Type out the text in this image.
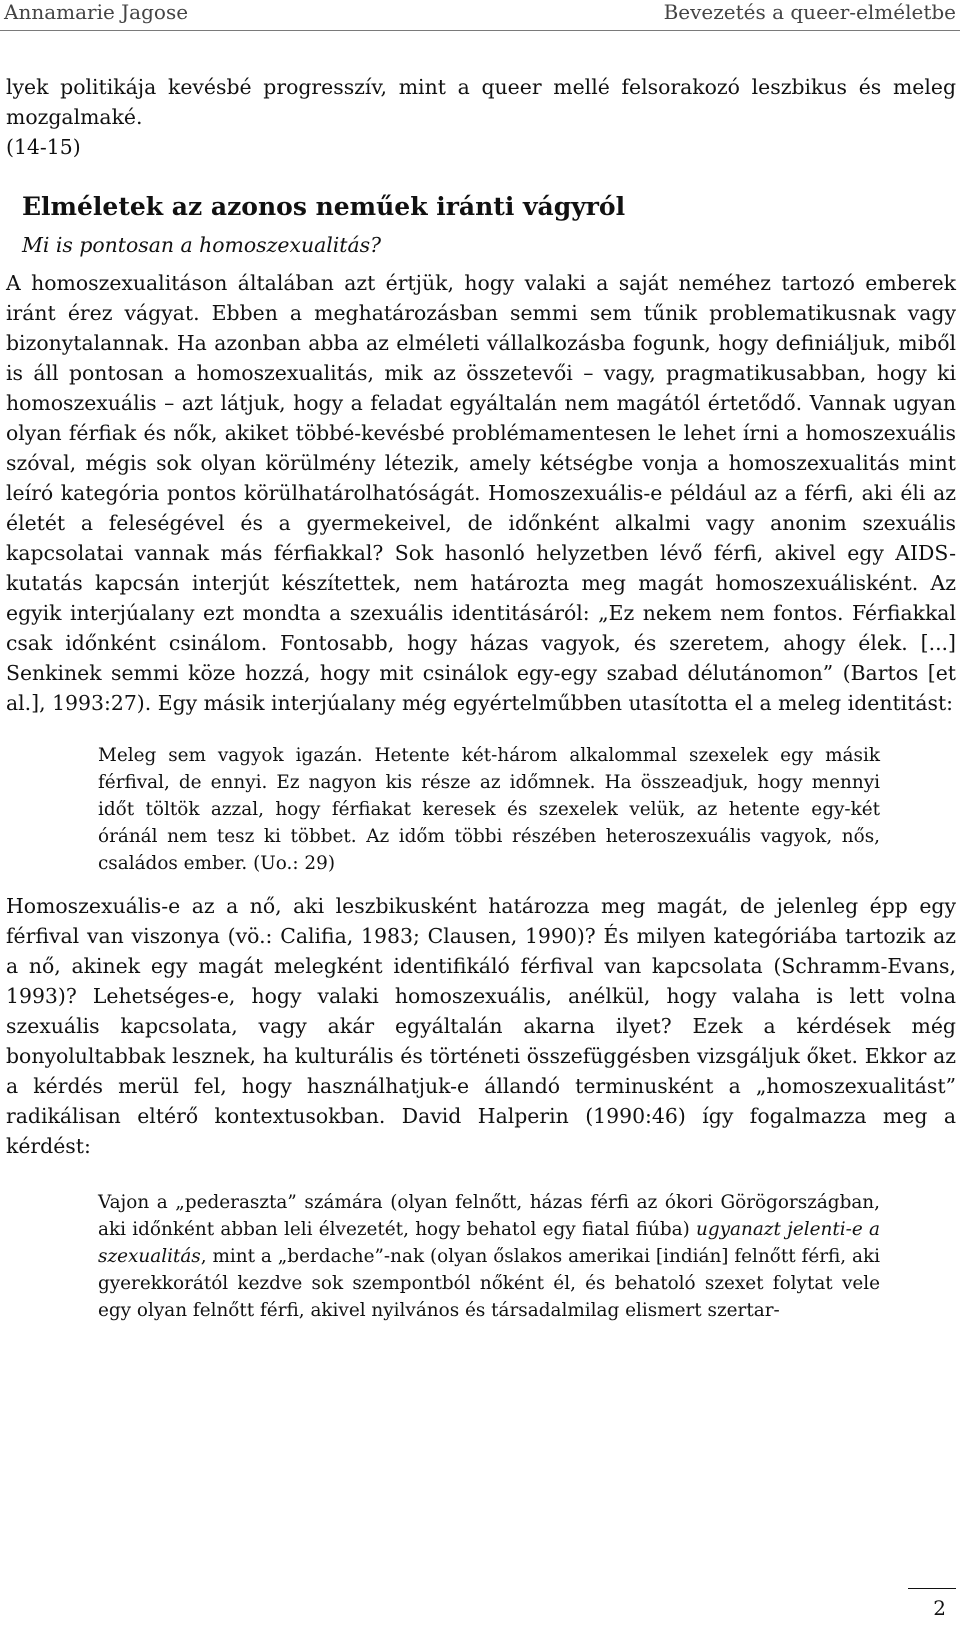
Annamarie Jagose	Bevezetés a queer-elméletbe

lyek politikája kevésbé progresszív, mint a queer mellé felsorakozó leszbikus és meleg mozgalmaké.

(14-15)

Elméletek az azonos neműek iránti vágyról
Mi is pontosan a homoszexualitás?

A homoszexualitáson általában azt értjük, hogy valaki a saját neméhez tartozó emberek iránt érez vágyat. Ebben a meghatározásban semmi sem tűnik problematikusnak vagy bizonytalannak. Ha azonban abba az elméleti vállalkozásba fogunk, hogy definiáljuk, miből is áll pontosan a homoszexualitás, mik az összetevői – vagy, pragmatikusabban, hogy ki homoszexuális – azt látjuk, hogy a feladat egyáltalán nem magától értetődő. Vannak ugyan olyan férfiak és nők, akiket többé-kevésbé problémamentesen le lehet írni a homoszexuális szóval, mégis sok olyan körülmény létezik, amely kétségbe vonja a homoszexualitás mint leíró kategória pontos körülhatárolhatóságát. Homoszexuális-e például az a férfi, aki éli az életét a feleségével és a gyermekeivel, de időnként alkalmi vagy anonim szexuális kapcsolatai vannak más férfiakkal? Sok hasonló helyzetben lévő férfi, akivel egy AIDS-kutatás kapcsán interjút készítettek, nem határozta meg magát homoszexuálisként. Az egyik interjúalany ezt mondta a szexuális identitásáról: „Ez nekem nem fontos. Férfiakkal csak időnként csinálom. Fontosabb, hogy házas vagyok, és szeretem, ahogy élek. [...] Senkinek semmi köze hozzá, hogy mit csinálok egy-egy szabad délutánomon” (Bartos [et al.], 1993:27). Egy másik interjúalany még egyértelműbben utasította el a meleg identitást:

Meleg sem vagyok igazán. Hetente két-három alkalommal szexelek egy másik férfival, de ennyi. Ez nagyon kis része az időmnek. Ha összeadjuk, hogy mennyi időt töltök azzal, hogy férfiakat keresek és szexelek velük, az hetente egy-két óránál nem tesz ki többet. Az időm többi részében heteroszexuális vagyok, nős, családos ember. (Uo.: 29)

Homoszexuális-e az a nő, aki leszbikusként határozza meg magát, de jelenleg épp egy férfival van viszonya (vö.: Califia, 1983; Clausen, 1990)? És milyen kategóriába tartozik az a nő, akinek egy magát melegként identifikáló férfival van kapcsolata (Schramm-Evans, 1993)? Lehetséges-e, hogy valaki homoszexuális, anélkül, hogy valaha is lett volna szexuális kapcsolata, vagy akár egyáltalán akarna ilyet? Ezek a kérdések még bonyolultabbak lesznek, ha kulturális és történeti összefüggésben vizsgáljuk őket. Ekkor az a kérdés merül fel, hogy használhatjuk-e állandó terminusként a „homoszexualitást” radikálisan eltérő kontextusokban. David Halperin (1990:46) így fogalmazza meg a kérdést:

Vajon a „pederaszta” számára (olyan felnőtt, házas férfi az ókori Görögországban, aki időnként abban leli élvezetét, hogy behatol egy fiatal fiúba) ugyanazt jelenti-e a szexualitás, mint a „berdache”-nak (olyan őslakos amerikai [indián] felnőtt férfi, aki gyerekkorától kezdve sok szempontból nőként él, és behatoló szexet folytat vele egy olyan felnőtt férfi, akivel nyilvános és társadalmilag elismert szertar-
2
